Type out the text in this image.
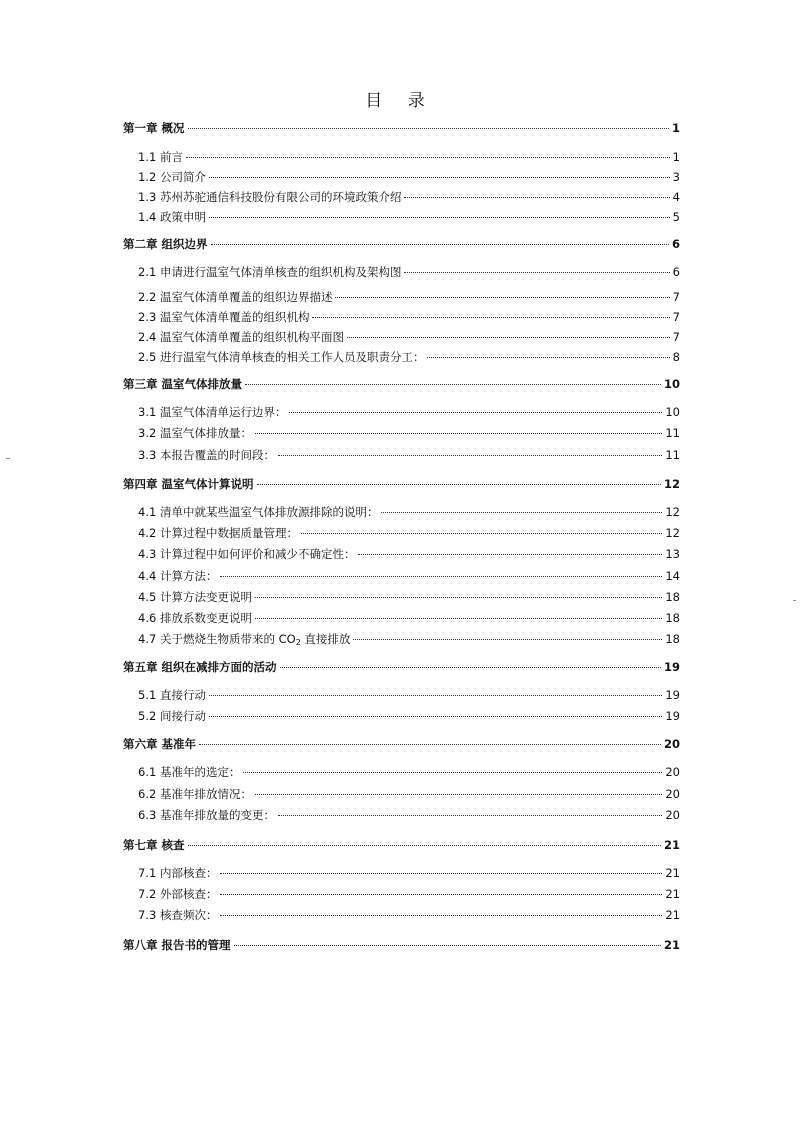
目 录
第一章 概况	1
1.1 前言	1
1.2 公司简介	3
1.3 苏州苏驼通信科技股份有限公司的环境政策介绍	4
1.4 政策申明	5
第二章 组织边界	6
2.1 申请进行温室气体清单核查的组织机构及架构图	6
2.2 温室气体清单覆盖的组织边界描述	7
2.3 温室气体清单覆盖的组织机构	7
2.4 温室气体清单覆盖的组织机构平面图	7
2.5 进行温室气体清单核查的相关工作人员及职责分工：	8
第三章 温室气体排放量	10
3.1 温室气体清单运行边界：	10
3.2 温室气体排放量：	11
3.3 本报告覆盖的时间段：	11
第四章 温室气体计算说明	12
4.1 清单中就某些温室气体排放源排除的说明：	12
4.2 计算过程中数据质量管理：	12
4.3 计算过程中如何评价和减少不确定性：	13
4.4 计算方法：	14
4.5 计算方法变更说明	18
4.6 排放系数变更说明	18
4.7 关于燃烧生物质带来的 $CO_2$ 直接排放	18
第五章 组织在减排方面的活动	19
5.1 直接行动	19
5.2 间接行动	19
第六章 基准年	20
6.1 基准年的选定：	20
6.2 基准年排放情况：	20
6.3 基准年排放量的变更：	20
第七章 核查	21
7.1 内部核查：	21
7.2 外部核查：	21
7.3 核查频次：	21
第八章 报告书的管理	21
